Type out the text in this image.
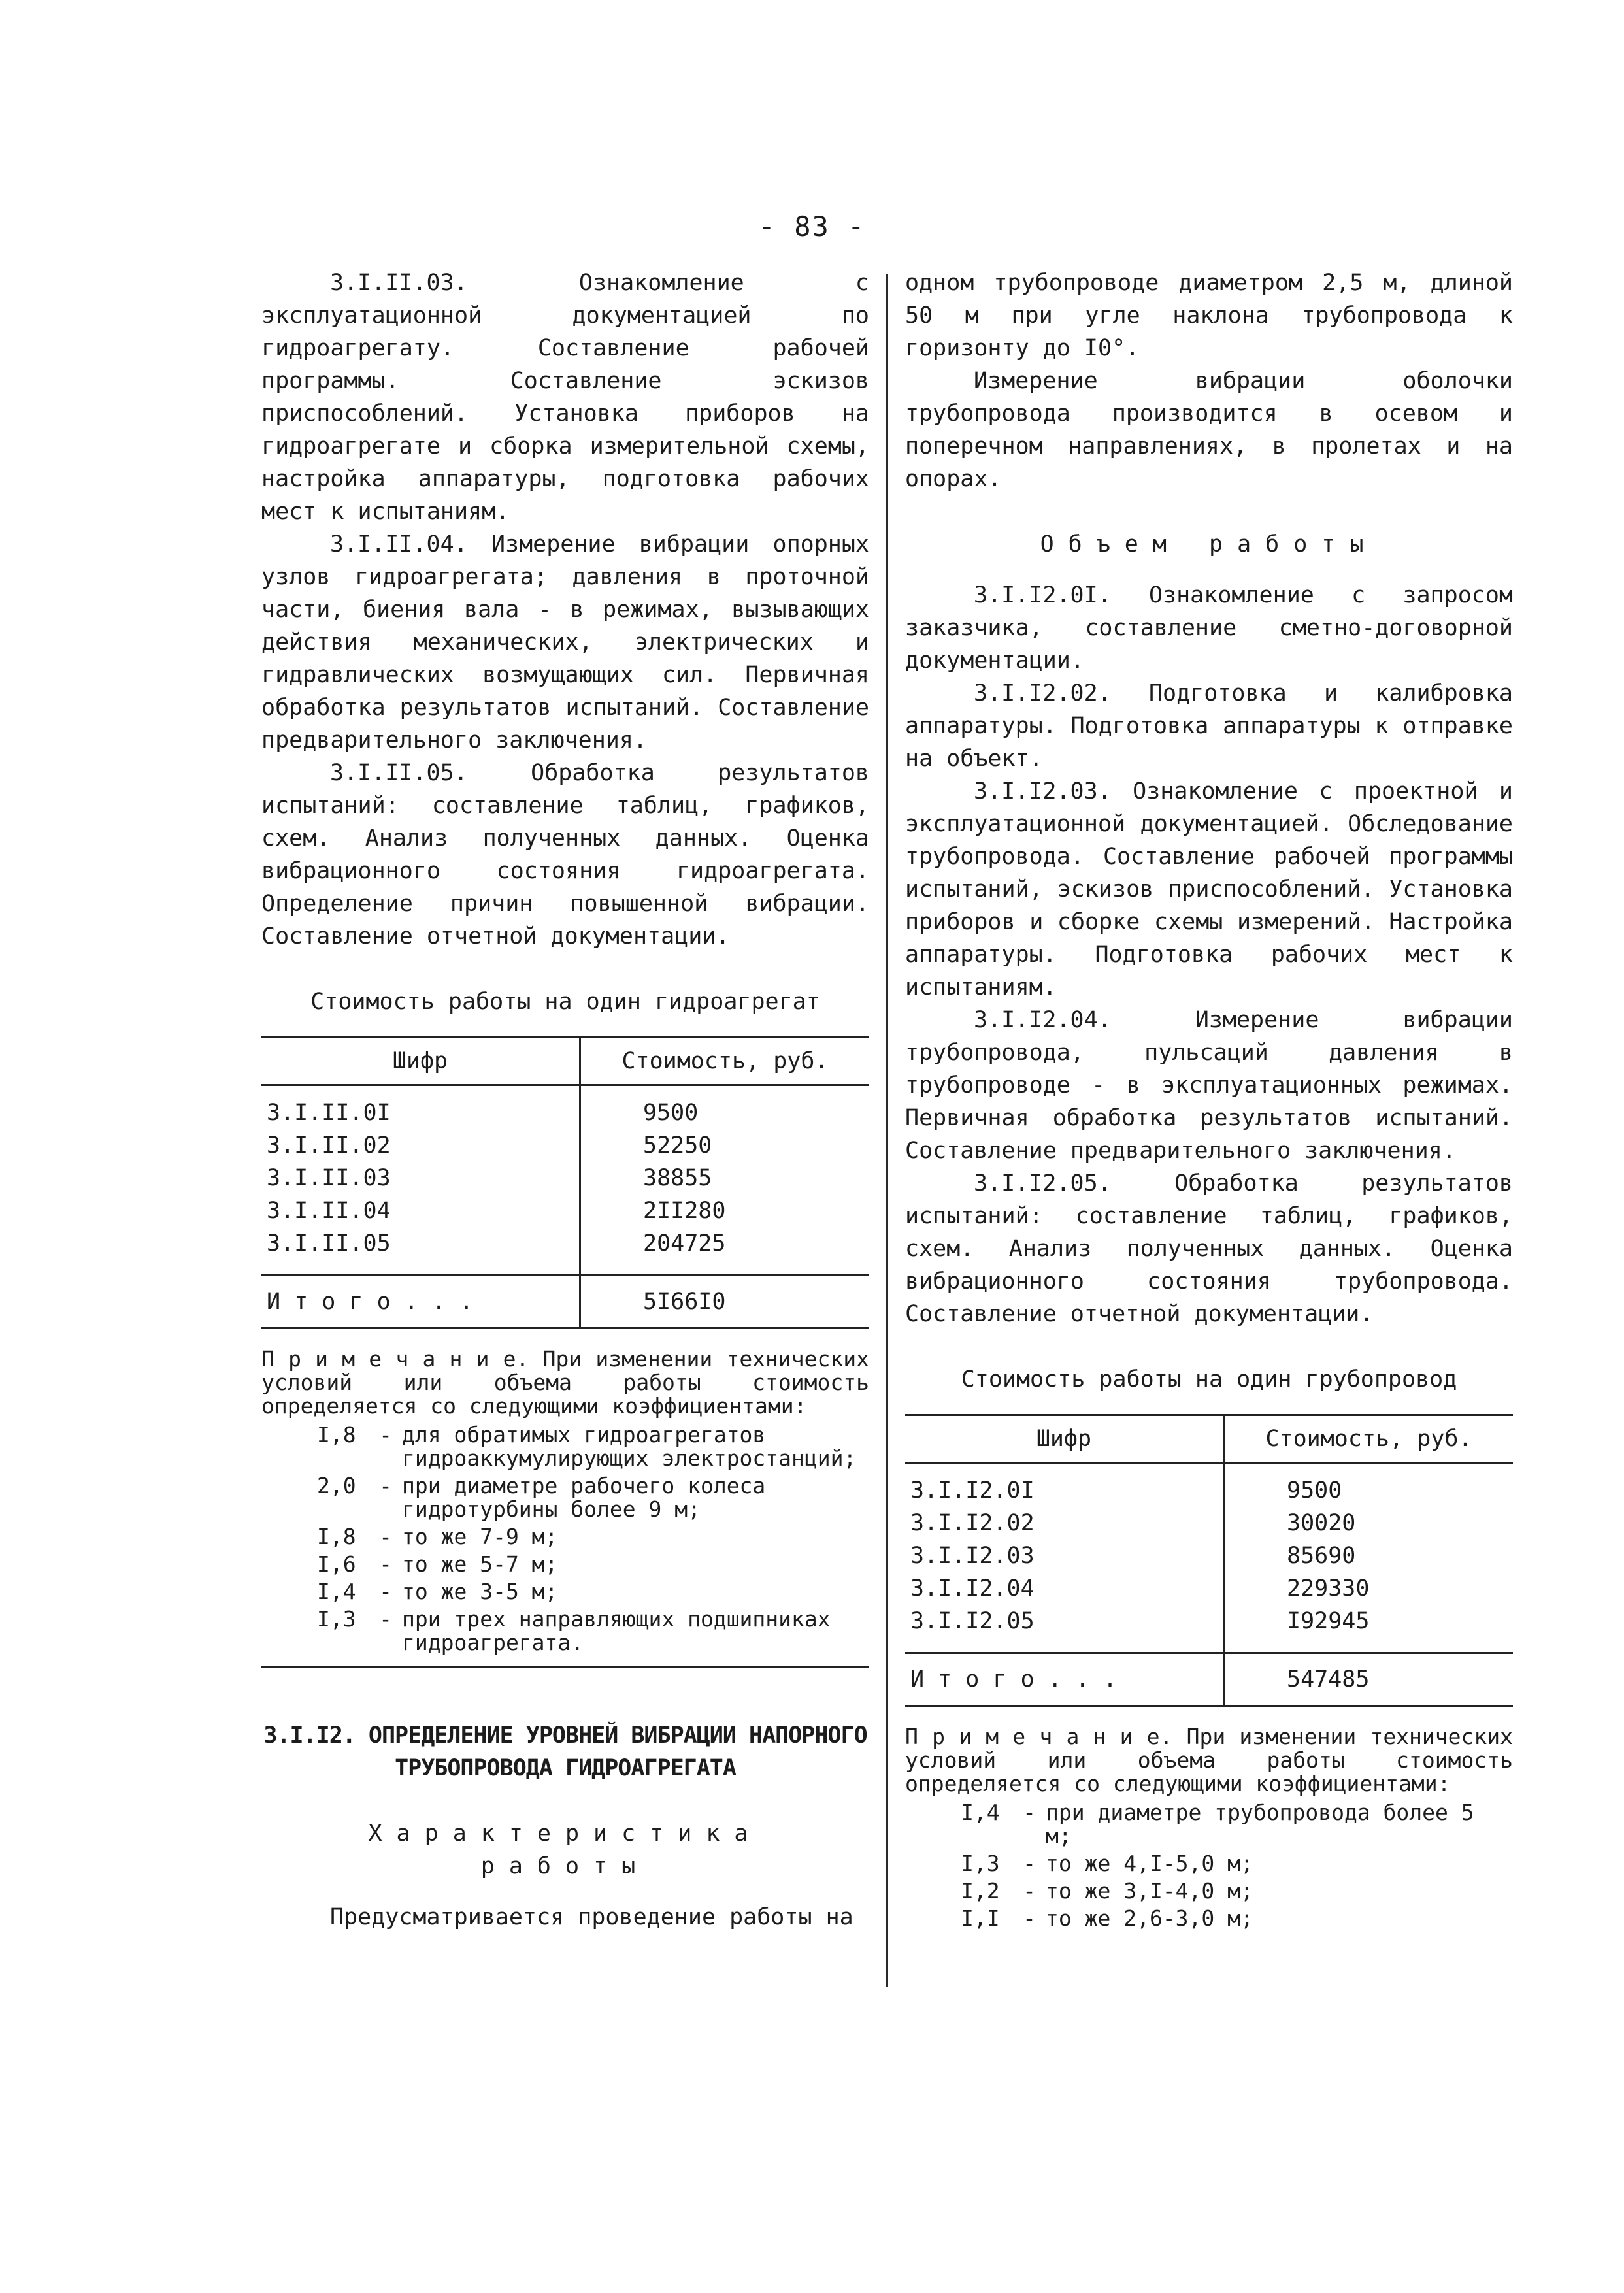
- 83 -

3.I.II.03. Ознакомление с эксплуатационной документацией по гидроагрегату. Составление рабочей программы. Составление эскизов приспособлений. Установка приборов на гидроагрегате и сборка измерительной схемы, настройка аппаратуры, подготовка рабочих мест к испытаниям.

3.I.II.04. Измерение вибрации опорных узлов гидроагрегата; давления в проточной части, биения вала - в режимах, вызывающих действия механических, электрических и гидравлических возмущающих сил. Первичная обработка результатов испытаний. Составление предварительного заключения.

3.I.II.05. Обработка результатов испытаний: составление таблиц, графиков, схем. Анализ полученных данных. Оценка вибрационного состояния гидроагрегата. Определение причин повышенной вибрации. Составление отчетной документации.

Стоимость работы на один гидроагрегат

Шифр	Стоимость, руб.
3.I.II.0I	9500
3.I.II.02	52250
3.I.II.03	38855
3.I.II.04	2II280
3.I.II.05	204725
И т о г о . . .	5I66I0

П р и м е ч а н и е. При изменении технических условий или объема работы стоимость определяется со следующими коэффициентами:

I,8	- для обратимых гидроагрегатов гидроаккумулирующих электростанций;
2,0	- при диаметре рабочего колеса гидротурбины более 9 м;
I,8	- то же 7-9 м;
I,6	- то же 5-7 м;
I,4	- то же 3-5 м;
I,3	- при трех направляющих подшипниках гидроагрегата.

3.I.I2. ОПРЕДЕЛЕНИЕ УРОВНЕЙ ВИБРАЦИИ НАПОРНОГО ТРУБОПРОВОДА ГИДРОАГРЕГАТА

Характеристика

работы

Предусматривается проведение работы на

одном трубопроводе диаметром 2,5 м, длиной 50 м при угле наклона трубопровода к горизонту до I0°.

Измерение вибрации оболочки трубопровода производится в осевом и поперечном направлениях, в пролетах и на опорах.

Объем работы

3.I.I2.0I. Ознакомление с запросом заказчика, составление сметно-договорной документации.

3.I.I2.02. Подготовка и калибровка аппаратуры. Подготовка аппаратуры к отправке на объект.

3.I.I2.03. Ознакомление с проектной и эксплуатационной документацией. Обследование трубопровода. Составление рабочей программы испытаний, эскизов приспособлений. Установка приборов и сборке схемы измерений. Настройка аппаратуры. Подготовка рабочих мест к испытаниям.

3.I.I2.04. Измерение вибрации трубопровода, пульсаций давления в трубопроводе - в эксплуатационных режимах. Первичная обработка результатов испытаний. Составление предварительного заключения.

3.I.I2.05. Обработка результатов испытаний: составление таблиц, графиков, схем. Анализ полученных данных. Оценка вибрационного состояния трубопровода. Составление отчетной документации.

Стоимость работы на один грубопровод

Шифр	Стоимость, руб.
3.I.I2.0I	9500
3.I.I2.02	30020
3.I.I2.03	85690
3.I.I2.04	229330
3.I.I2.05	I92945
И т о г о . . .	547485

П р и м е ч а н и е. При изменении технических условий или объема работы стоимость определяется со следующими коэффициентами:

I,4	- при диаметре трубопровода более 5 м;
I,3	- то же 4,I-5,0 м;
I,2	- то же 3,I-4,0 м;
I,I	- то же 2,6-3,0 м;
